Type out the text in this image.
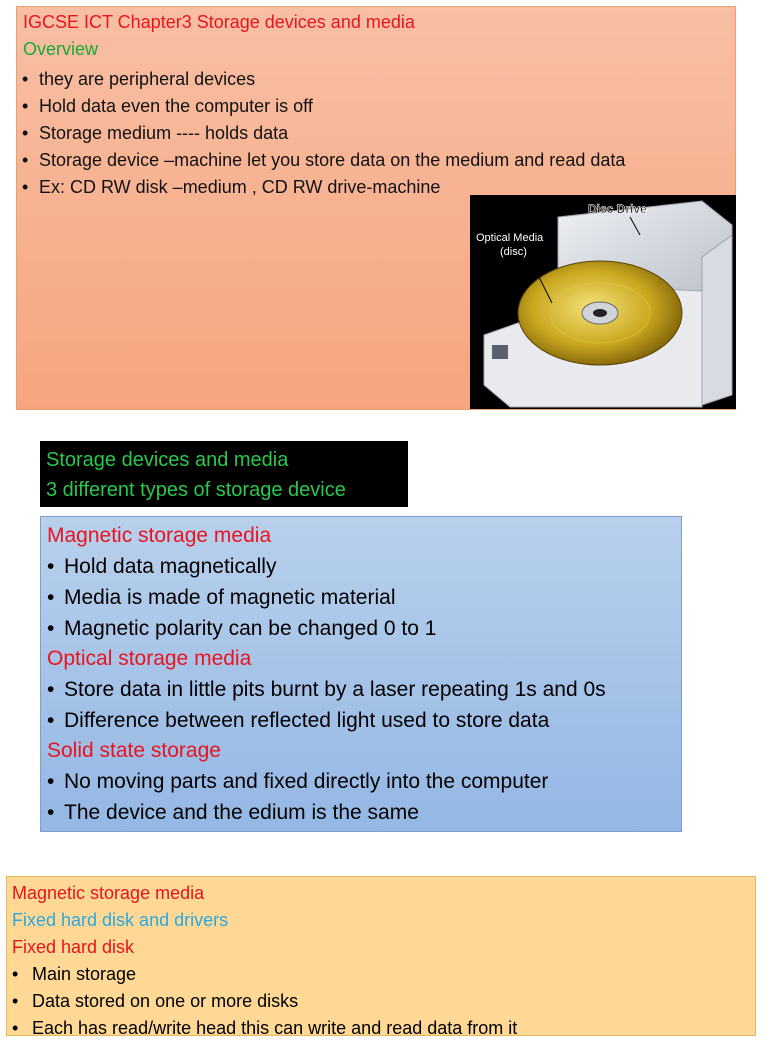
IGCSE ICT Chapter3 Storage devices and media
Overview
• they are peripheral devices
• Hold data even the computer is off
• Storage medium ---- holds data
• Storage device –machine let you store data on the medium and read data
• Ex: CD RW disk –medium , CD RW drive-machine
Disc Drive
Optical Media
(disc)
Storage devices and media
3 different types of storage device
Magnetic storage media
• Hold data magnetically
• Media is made of magnetic material
• Magnetic polarity can be changed 0 to 1
Optical storage media
• Store data in little pits burnt by a laser repeating 1s and 0s
• Difference between reflected light used to store data
Solid state storage
• No moving parts and fixed directly into the computer
• The device and the edium is the same
Magnetic storage media
Fixed hard disk and drivers
Fixed hard disk
• Main storage
• Data stored on one or more disks
• Each has read/write head this can write and read data from it
